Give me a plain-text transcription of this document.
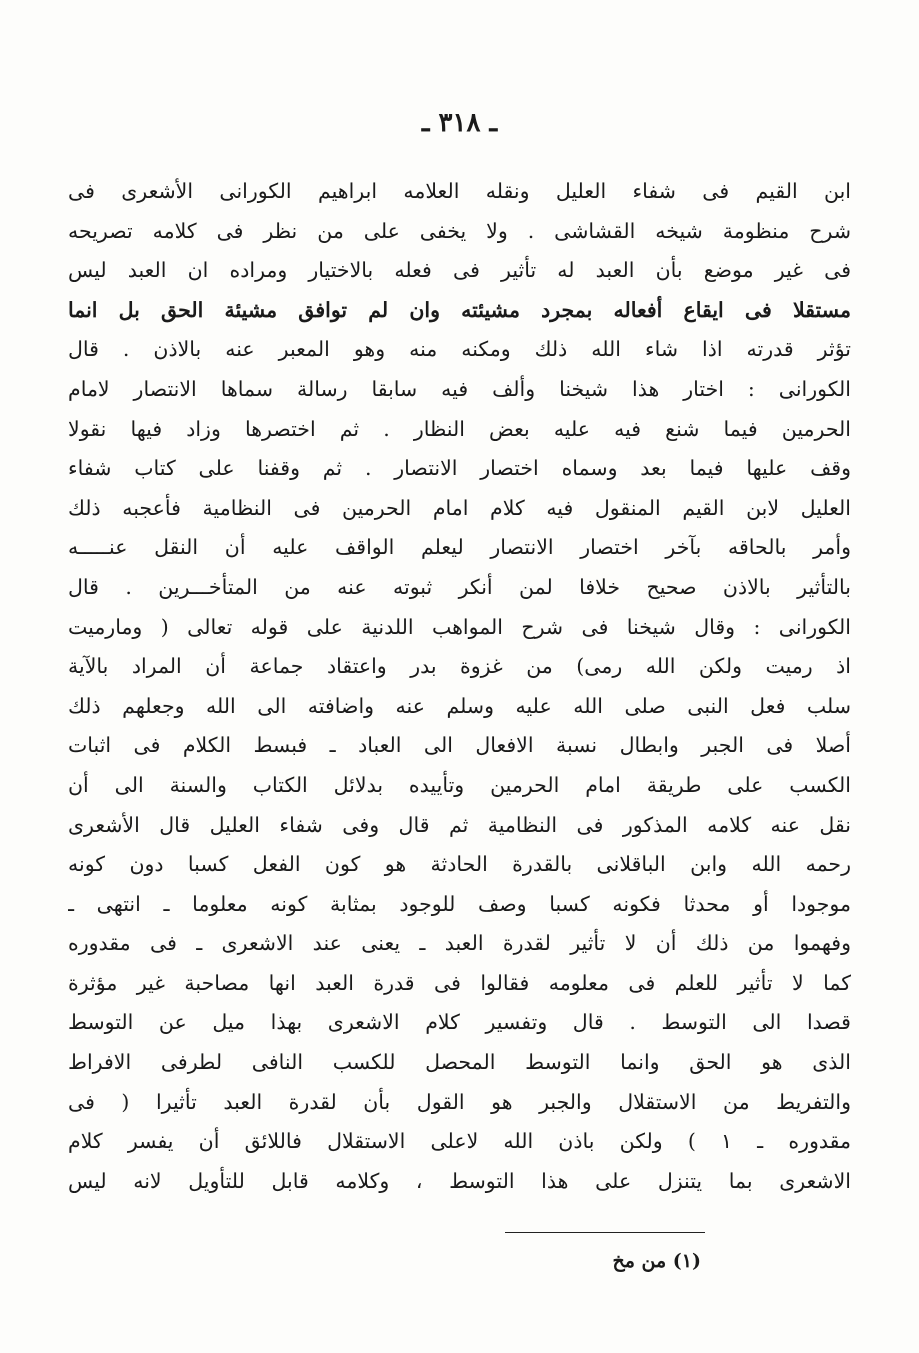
ـ ٣١٨ ـ
ابن القيم فى شفاء العليل ونقله العلامه ابراهيم الكورانى الأشعرى فى
شرح منظومة شيخه القشاشى . ولا يخفى على من نظر فى كلامه تصريحه
فى غير موضع بأن العبد له تأثير فى فعله بالاختيار ومراده ان العبد ليس
مستقلا فى ايقاع أفعاله بمجرد مشيئته وان لم توافق مشيئة الحق بل انما
تؤثر قدرته اذا شاء الله ذلك ومكنه منه وهو المعبر عنه بالاذن . قال
الكورانى : اختار هذا شيخنا وألف فيه سابقا رسالة سماها الانتصار لامام
الحرمين فيما شنع فيه عليه بعض النظار . ثم اختصرها وزاد فيها نقولا
وقف عليها فيما بعد وسماه اختصار الانتصار . ثم وقفنا على كتاب شفاء
العليل لابن القيم المنقول فيه كلام امام الحرمين فى النظامية فأعجبه ذلك
وأمر بالحاقه بآخر اختصار الانتصار ليعلم الواقف عليه أن النقل عنـــــه
بالتأثير بالاذن صحيح خلافا لمن أنكر ثبوته عنه من المتأخـــرين . قال
الكورانى : وقال شيخنا فى شرح المواهب اللدنية على قوله تعالى ( ومارميت
اذ رميت ولكن الله رمى) من غزوة بدر واعتقاد جماعة أن المراد بالآية
سلب فعل النبى صلى الله عليه وسلم عنه واضافته الى الله وجعلهم ذلك
أصلا فى الجبر وابطال نسبة الافعال الى العباد ـ فبسط الكلام فى اثبات
الكسب على طريقة امام الحرمين وتأييده بدلائل الكتاب والسنة الى أن
نقل عنه كلامه المذكور فى النظامية ثم قال وفى شفاء العليل قال الأشعرى
رحمه الله وابن الباقلانى بالقدرة الحادثة هو كون الفعل كسبا دون كونه
موجودا أو محدثا فكونه كسبا وصف للوجود بمثابة كونه معلوما ـ انتهى ـ
وفهموا من ذلك أن لا تأثير لقدرة العبد ـ يعنى عند الاشعرى ـ فى مقدوره
كما لا تأثير للعلم فى معلومه فقالوا فى قدرة العبد انها مصاحبة غير مؤثرة
قصدا الى التوسط . قال وتفسير كلام الاشعرى بهذا ميل عن التوسط
الذى هو الحق وانما التوسط المحصل للكسب النافى لطرفى الافراط
والتفريط من الاستقلال والجبر هو القول بأن لقدرة العبد تأثيرا ( فى
مقدوره ـ ١ ) ولكن باذن الله لاعلى الاستقلال فاللائق أن يفسر كلام
الاشعرى بما يتنزل على هذا التوسط ، وكلامه قابل للتأويل لانه ليس
(١) من مخ
